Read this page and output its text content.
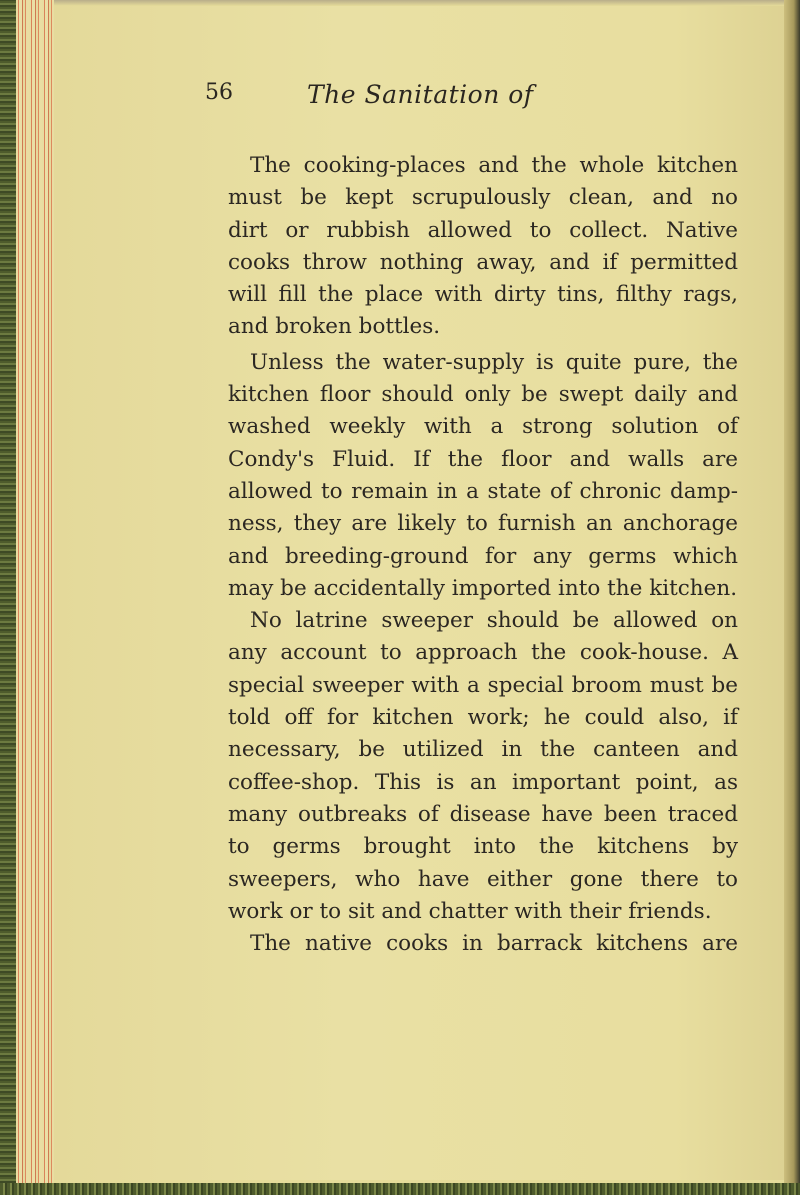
56	The Sanitation of
The cooking-places and the whole kitchen
must be kept scrupulously clean, and no
dirt or rubbish allowed to collect. Native
cooks throw nothing away, and if permitted
will fill the place with dirty tins, filthy rags,
and broken bottles.
Unless the water-supply is quite pure, the
kitchen floor should only be swept daily and
washed weekly with a strong solution of
Condy's Fluid. If the floor and walls are
allowed to remain in a state of chronic damp-
ness, they are likely to furnish an anchorage
and breeding-ground for any germs which
may be accidentally imported into the kitchen.
No latrine sweeper should be allowed on
any account to approach the cook-house. A
special sweeper with a special broom must be
told off for kitchen work; he could also, if
necessary, be utilized in the canteen and
coffee-shop. This is an important point, as
many outbreaks of disease have been traced
to germs brought into the kitchens by
sweepers, who have either gone there to
work or to sit and chatter with their friends.
The native cooks in barrack kitchens are
